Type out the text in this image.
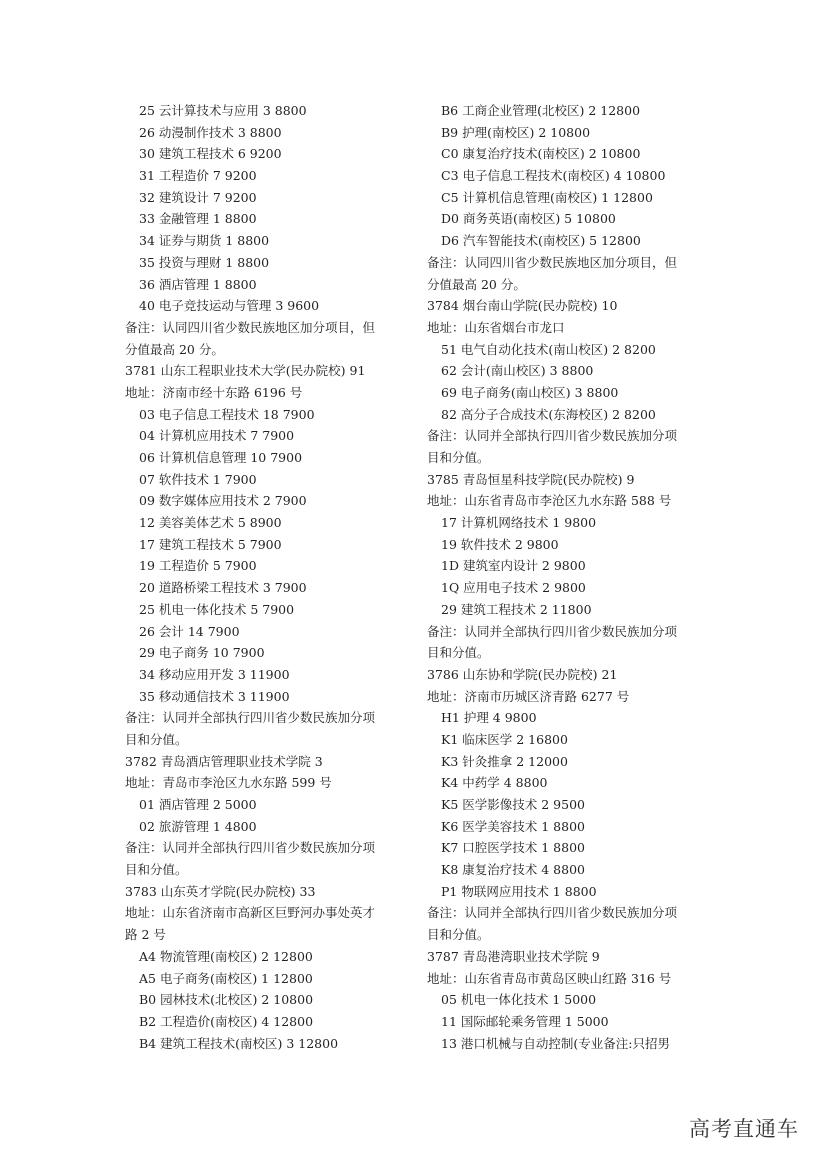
25 云计算技术与应用 3 8800
26 动漫制作技术 3 8800
30 建筑工程技术 6 9200
31 工程造价 7 9200
32 建筑设计 7 9200
33 金融管理 1 8800
34 证券与期货 1 8800
35 投资与理财 1 8800
36 酒店管理 1 8800
40 电子竞技运动与管理 3 9600
备注：认同四川省少数民族地区加分项目，但
分值最高 20 分。
3781 山东工程职业技术大学(民办院校) 91
地址：济南市经十东路 6196 号
03 电子信息工程技术 18 7900
04 计算机应用技术 7 7900
06 计算机信息管理 10 7900
07 软件技术 1 7900
09 数字媒体应用技术 2 7900
12 美容美体艺术 5 8900
17 建筑工程技术 5 7900
19 工程造价 5 7900
20 道路桥梁工程技术 3 7900
25 机电一体化技术 5 7900
26 会计 14 7900
29 电子商务 10 7900
34 移动应用开发 3 11900
35 移动通信技术 3 11900
备注：认同并全部执行四川省少数民族加分项
目和分值。
3782 青岛酒店管理职业技术学院 3
地址：青岛市李沧区九水东路 599 号
01 酒店管理 2 5000
02 旅游管理 1 4800
备注：认同并全部执行四川省少数民族加分项
目和分值。
3783 山东英才学院(民办院校) 33
地址：山东省济南市高新区巨野河办事处英才
路 2 号
A4 物流管理(南校区) 2 12800
A5 电子商务(南校区) 1 12800
B0 园林技术(北校区) 2 10800
B2 工程造价(南校区) 4 12800
B4 建筑工程技术(南校区) 3 12800
B6 工商企业管理(北校区) 2 12800
B9 护理(南校区) 2 10800
C0 康复治疗技术(南校区) 2 10800
C3 电子信息工程技术(南校区) 4 10800
C5 计算机信息管理(南校区) 1 12800
D0 商务英语(南校区) 5 10800
D6 汽车智能技术(南校区) 5 12800
备注：认同四川省少数民族地区加分项目，但
分值最高 20 分。
3784 烟台南山学院(民办院校) 10
地址：山东省烟台市龙口
51 电气自动化技术(南山校区) 2 8200
62 会计(南山校区) 3 8800
69 电子商务(南山校区) 3 8800
82 高分子合成技术(东海校区) 2 8200
备注：认同并全部执行四川省少数民族加分项
目和分值。
3785 青岛恒星科技学院(民办院校) 9
地址：山东省青岛市李沧区九水东路 588 号
17 计算机网络技术 1 9800
19 软件技术 2 9800
1D 建筑室内设计 2 9800
1Q 应用电子技术 2 9800
29 建筑工程技术 2 11800
备注：认同并全部执行四川省少数民族加分项
目和分值。
3786 山东协和学院(民办院校) 21
地址：济南市历城区济青路 6277 号
H1 护理 4 9800
K1 临床医学 2 16800
K3 针灸推拿 2 12000
K4 中药学 4 8800
K5 医学影像技术 2 9500
K6 医学美容技术 1 8800
K7 口腔医学技术 1 8800
K8 康复治疗技术 4 8800
P1 物联网应用技术 1 8800
备注：认同并全部执行四川省少数民族加分项
目和分值。
3787 青岛港湾职业技术学院 9
地址：山东省青岛市黄岛区映山红路 316 号
05 机电一体化技术 1 5000
11 国际邮轮乘务管理 1 5000
13 港口机械与自动控制(专业备注:只招男
高考直通车
